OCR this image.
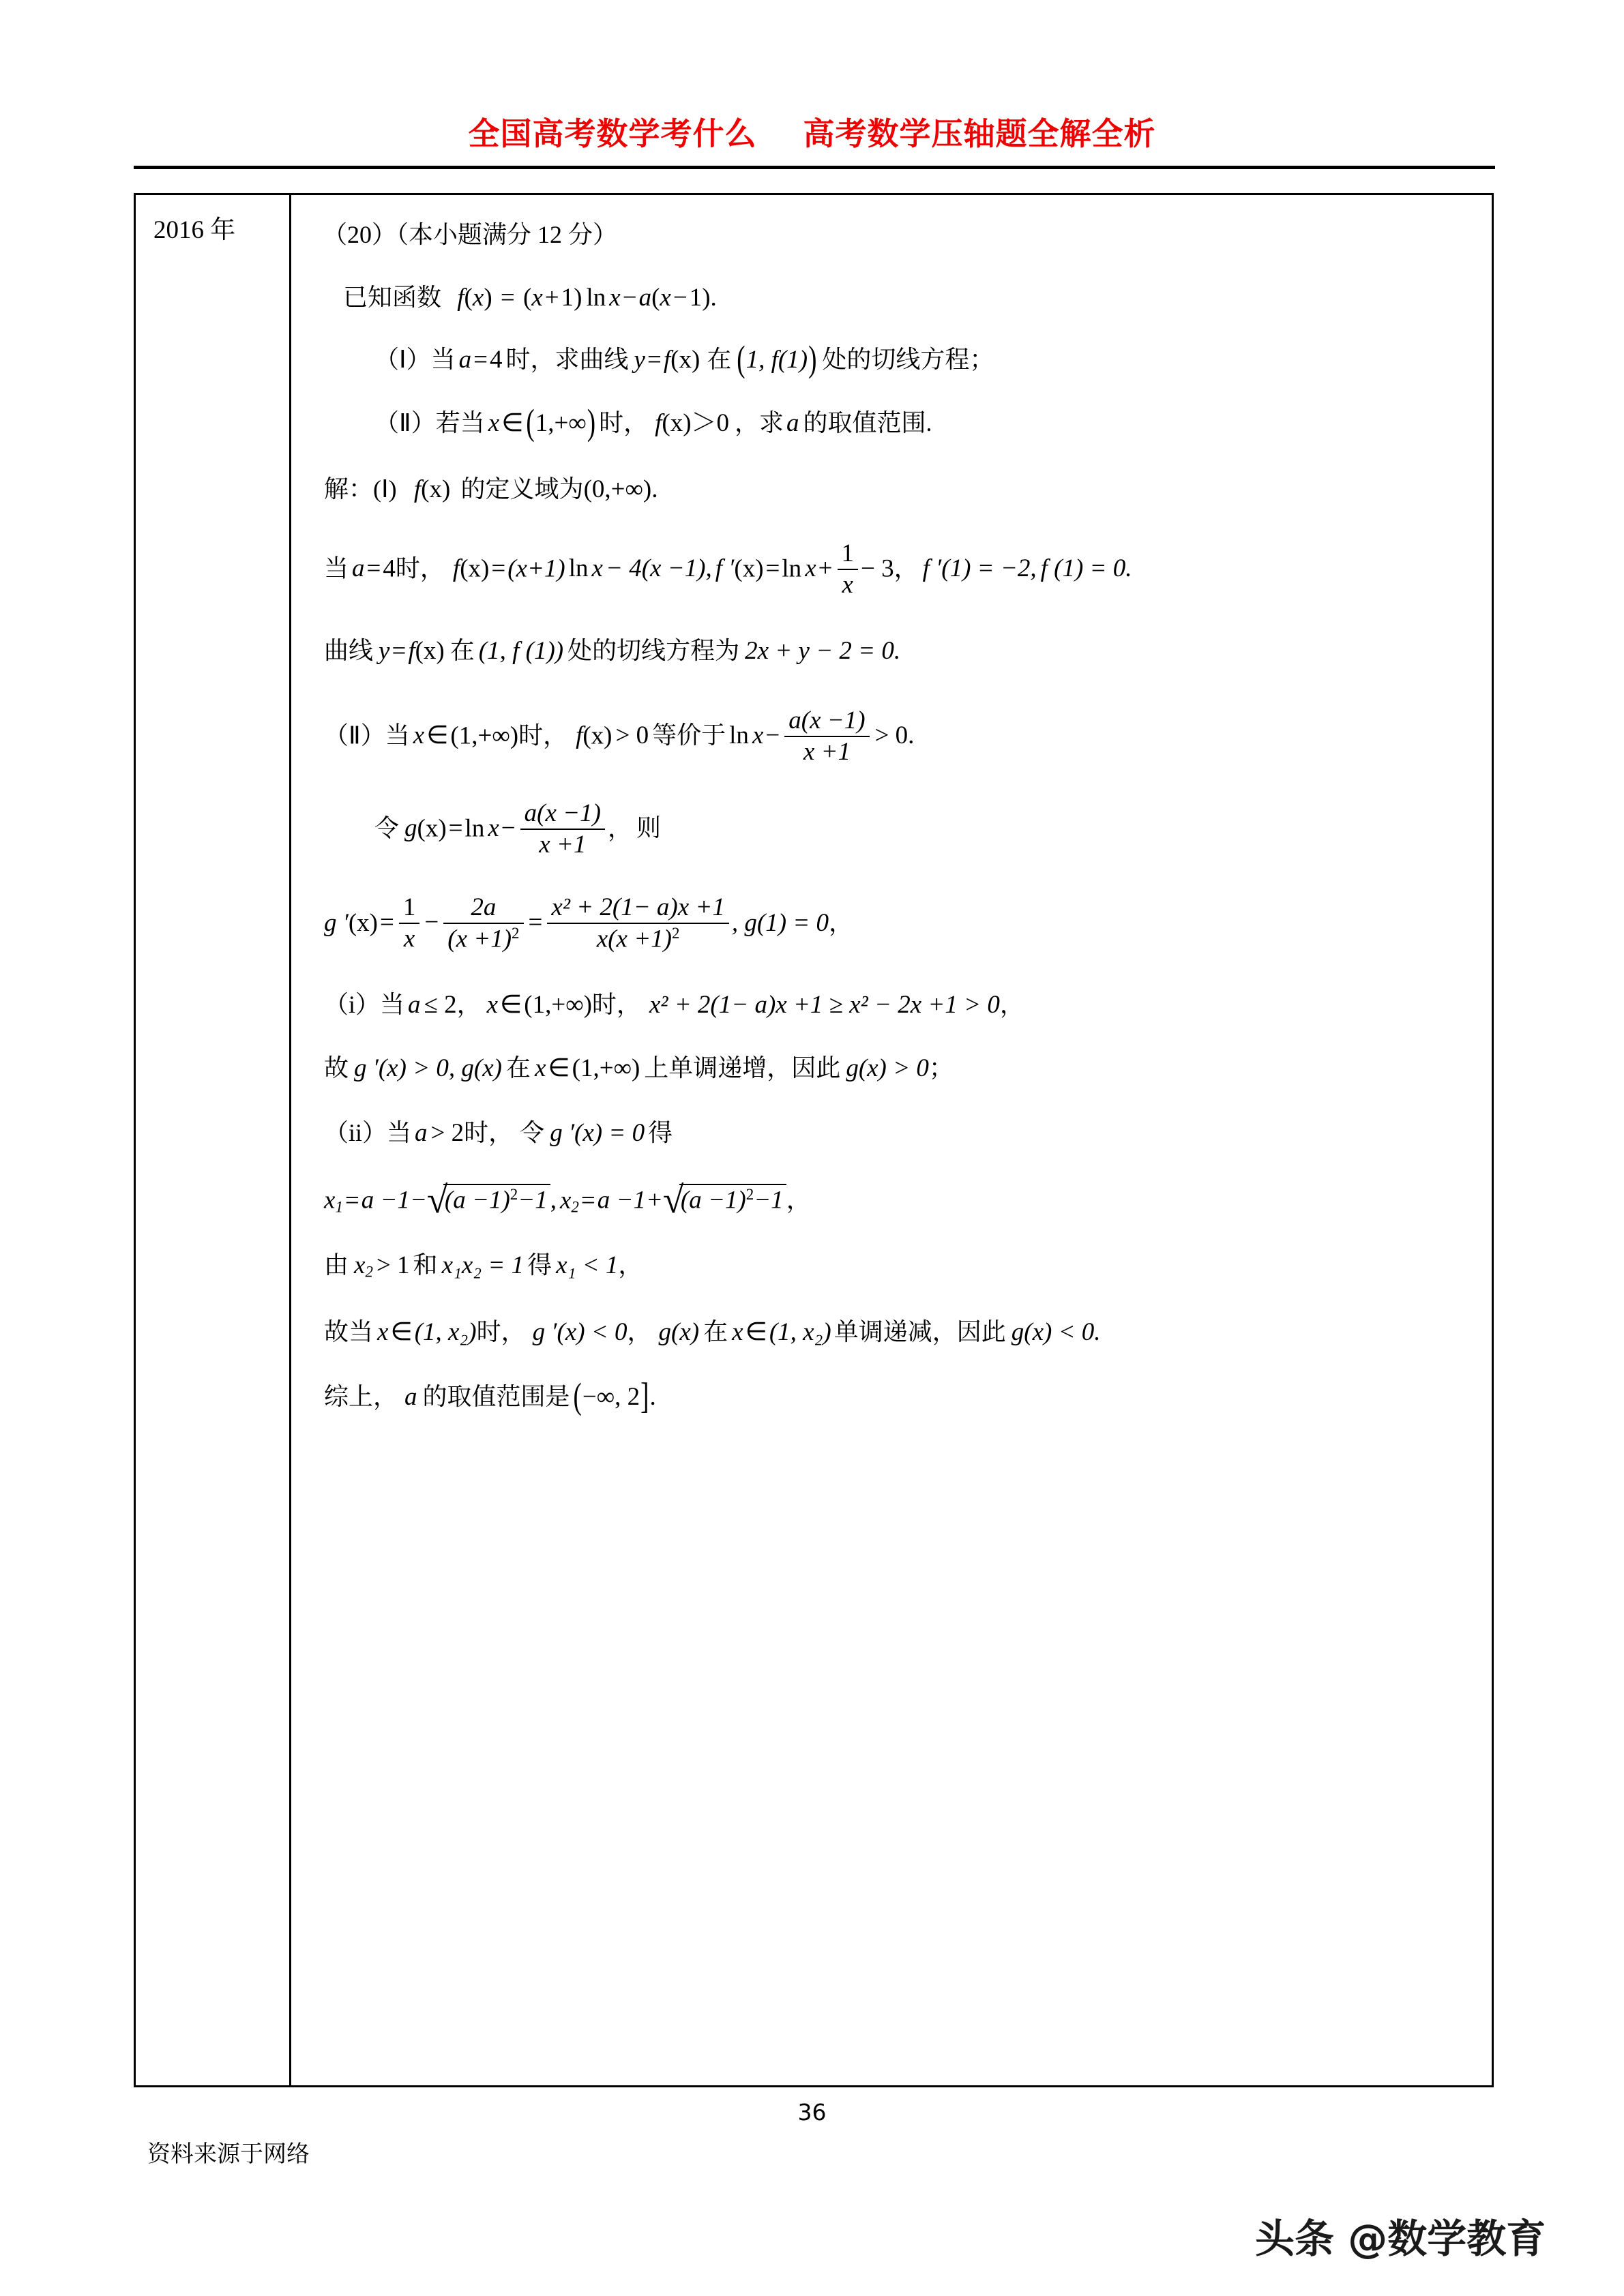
全国高考数学考什么    高考数学压轴题全解全析
2016 年	（20）（本小题满分 12 分）
已知函数 f(x) = (x+1) ln x−a(x−1).
（Ⅰ）当 a=4 时，求曲线 y=f(x) 在 (1, f(1)) 处的切线方程；
（Ⅱ）若当 x∈ (1,+∞) 时， f(x)＞0 ，求 a 的取值范围.
解：(Ⅰ) f(x) 的定义域为(0,+∞).
当 a=4时， f(x)=(x+1) ln x − 4(x −1), f ′(x)=ln $x+ \frac{1}{x} - 3$， f ′(1) = −2, f (1) = 0.
曲线 y=f(x) 在 (1, f (1)) 处的切线方程为 2x + y − 2 = 0.
（Ⅱ）当 x∈(1,+∞)时， f(x) > 0 等价于 $\ln x- \frac{a(x -1)}{x +1} > 0$.
令 g(x)=ln $x- \frac{a(x -1)}{x +1}$ ， 则
g $'(x)= \frac{1}{x} - \frac{2a}{(x +1)^2} = \frac{\text{x² + 2(1− a)x +1}}{x(x +1)^2}$ , g(1) = 0，
（i）当 a ≤ 2， x∈(1,+∞)时， x² + 2(1− a)x +1 ≥ x² − 2x +1 > 0，
故 g ′(x) > 0, g(x) 在 x∈(1,+∞) 上单调递增，因此 g(x) > 0；
（ii）当 a > 2时， 令 g ′(x) = 0 得
$x_1=a -1-$ √ $(a -1)^2-1$ , $x_2=a -1+$ √ $(a -1)^2-1$ ，
由 $x_2 > 1$ 和 x₁x₂ = 1 得 x₁ < 1，
故当 x∈(1, x₂)时， g ′(x) < 0， g(x) 在 x∈(1, x₂) 单调递减，因此 g(x) < 0.
综上， a 的取值范围是 (−∞, 2].
36
资料来源于网络
头条 @数学教育
